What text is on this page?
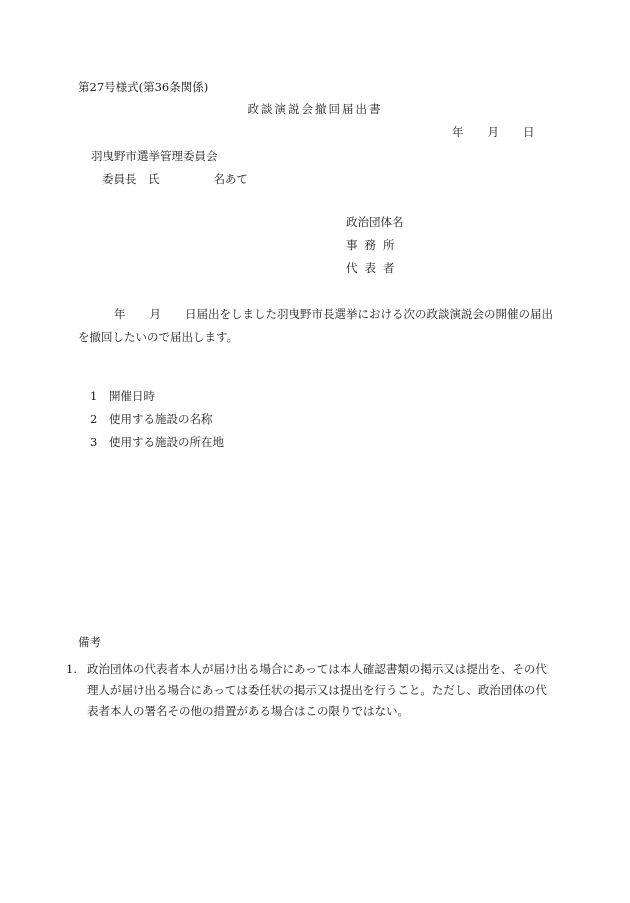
第27号様式(第36条関係)
政談演説会撤回届出書
年 月 日
羽曳野市選挙管理委員会
委員長　氏	名あて
政治団体名
事務所
代表者
年 月 日届出をしました羽曳野市長選挙における次の政談演説会の開催の届出を撤回したいので届出します。
1 開催日時
2 使用する施設の名称
3 使用する施設の所在地
備考
1. 政治団体の代表者本人が届け出る場合にあっては本人確認書類の掲示又は提出を、その代理人が届け出る場合にあっては委任状の掲示又は提出を行うこと。ただし、政治団体の代表者本人の署名その他の措置がある場合はこの限りではない。
